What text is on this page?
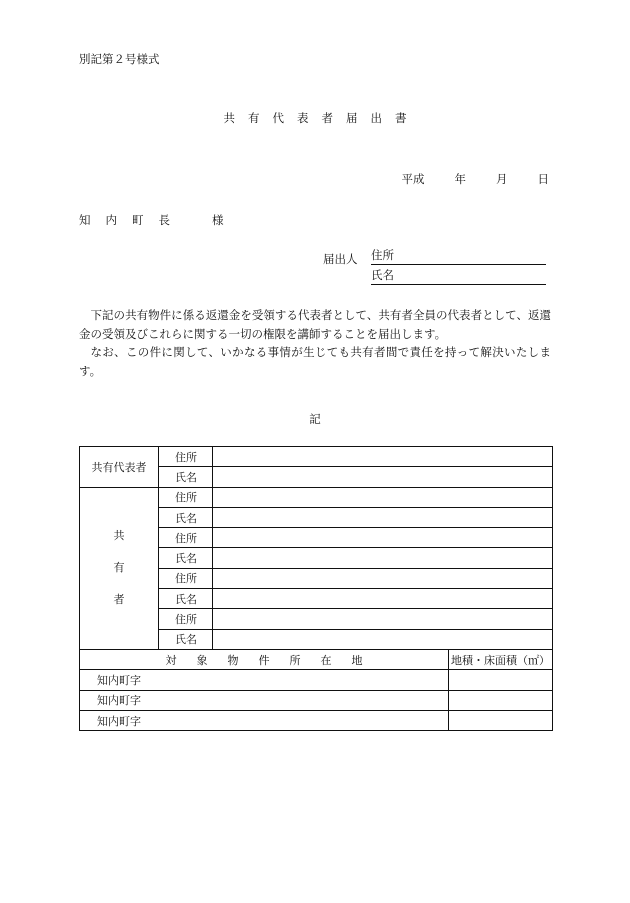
別記第２号様式
共有代表者届出書
平成	年	月	日
知内町長 様
届出人 住所
氏名

下記の共有物件に係る返還金を受領する代表者として、共有者全員の代表者として、返還金の受領及びこれらに関する一切の権限を講師することを届出します。

なお、この件に関して、いかなる事情が生じても共有者間で責任を持って解決いたします。

記
共有代表者	住所		
	氏名		

共
有
者	住所		
	氏名		
	住所		
	氏名		
	住所		
	氏名		
	住所		
	氏名		
対象物件所在地			地積・床面積（㎡）
知内町字			
知内町字			
知内町字			
